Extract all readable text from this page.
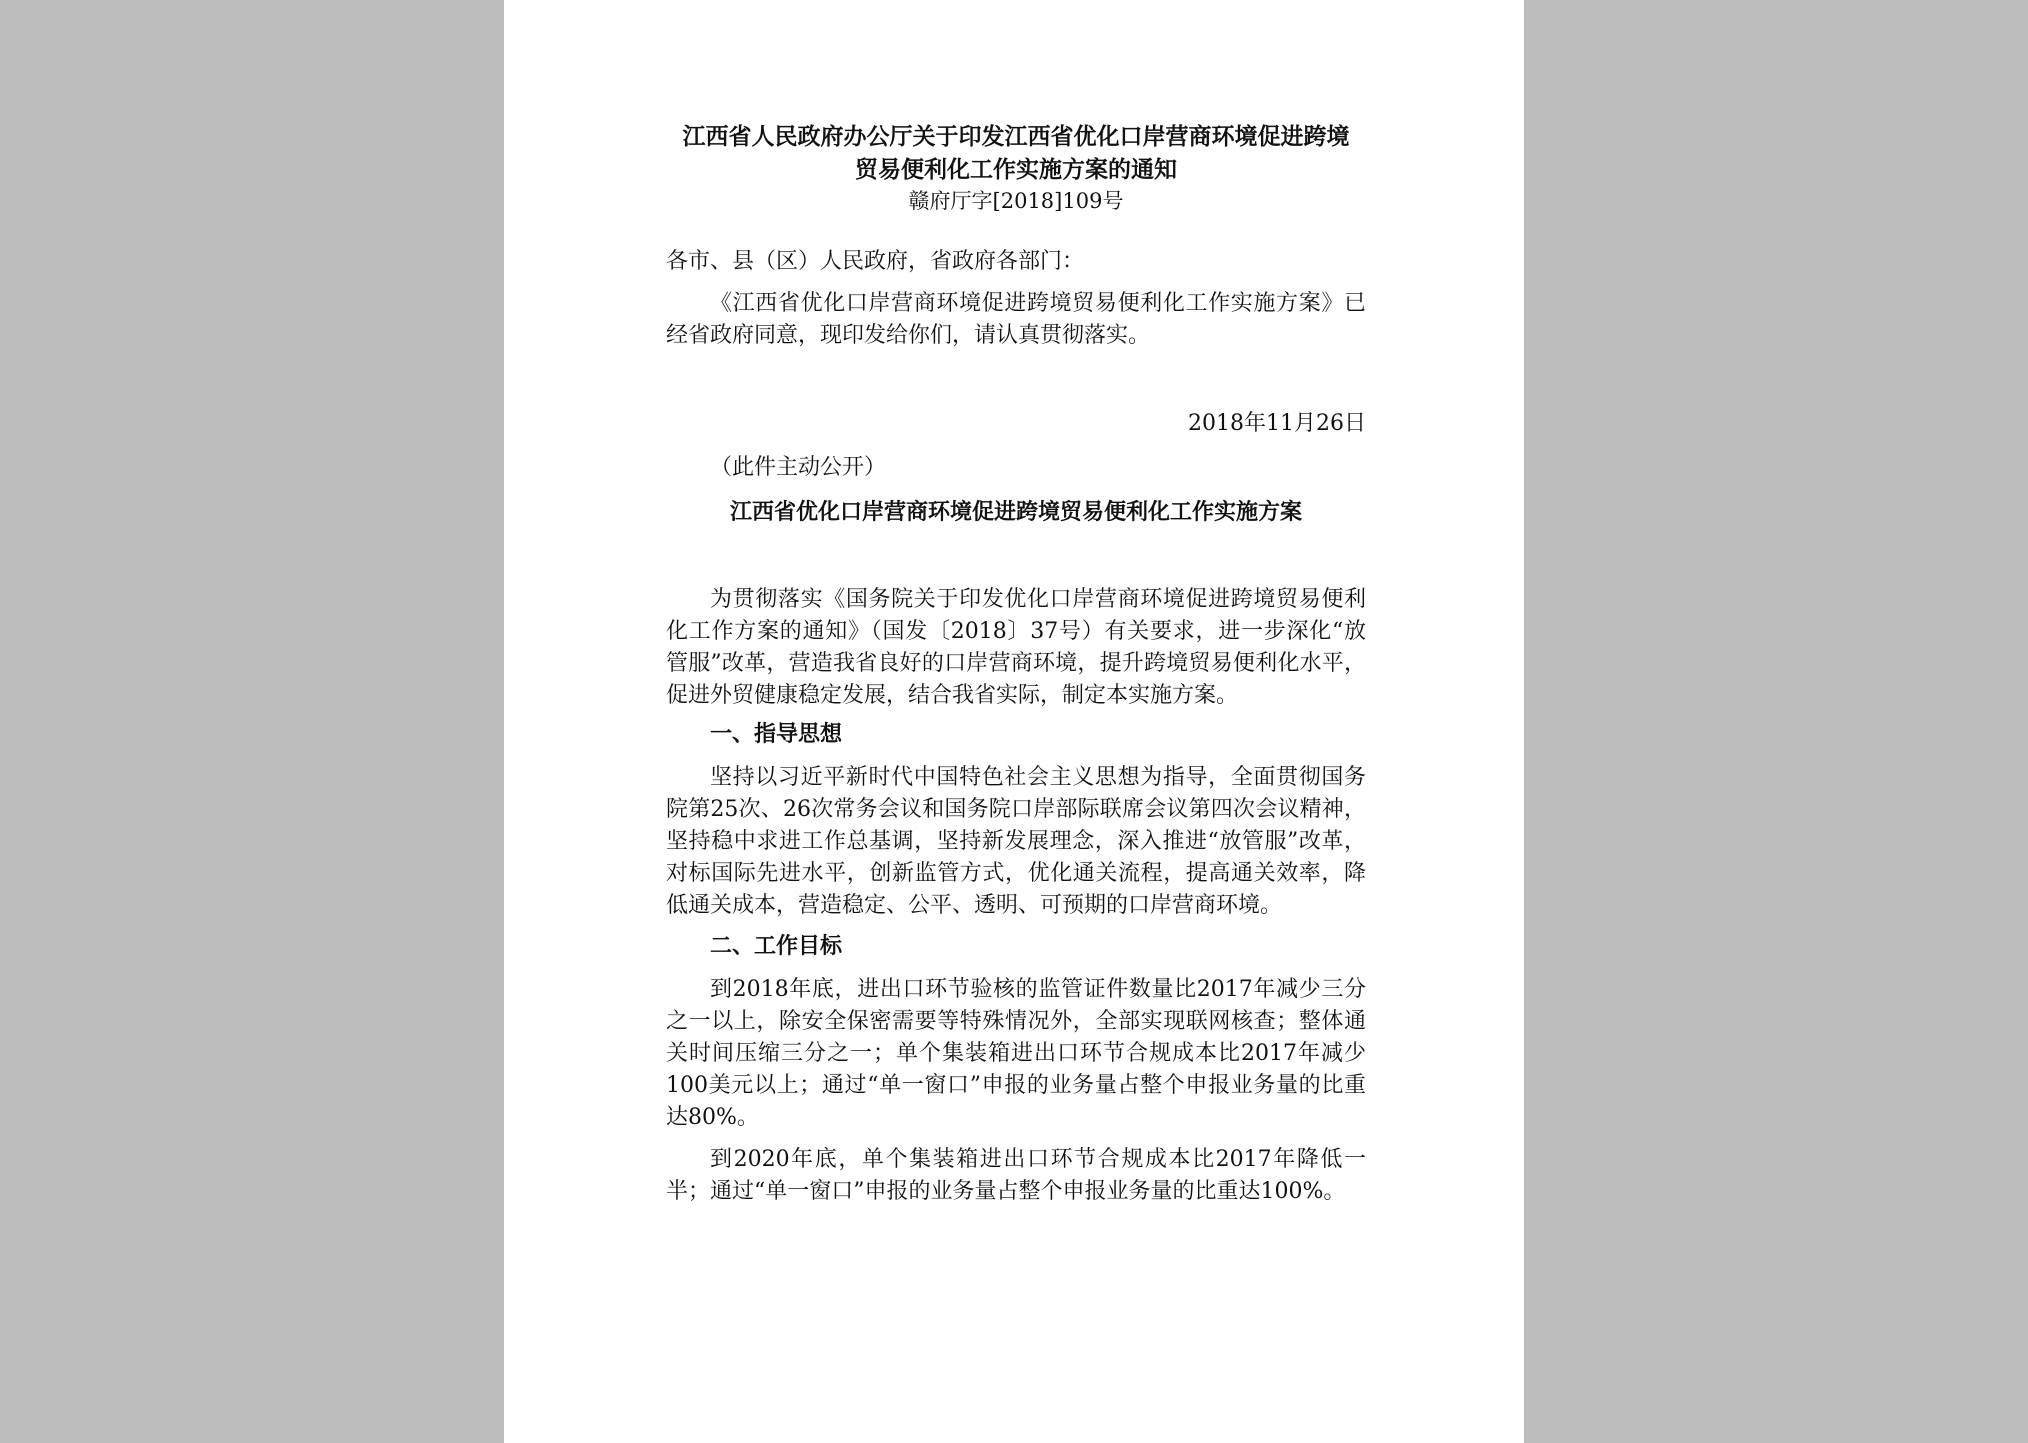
江西省人民政府办公厅关于印发江西省优化口岸营商环境促进跨境
贸易便利化工作实施方案的通知
赣府厅字[2018]109号

各市、县（区）人民政府，省政府各部门：

《江西省优化口岸营商环境促进跨境贸易便利化工作实施方案》已经省政府同意，现印发给你们，请认真贯彻落实。

2018年11月26日

（此件主动公开）

江西省优化口岸营商环境促进跨境贸易便利化工作实施方案

为贯彻落实《国务院关于印发优化口岸营商环境促进跨境贸易便利化工作方案的通知》（国发〔2018〕37号）有关要求，进一步深化“放管服”改革，营造我省良好的口岸营商环境，提升跨境贸易便利化水平，促进外贸健康稳定发展，结合我省实际，制定本实施方案。

一、指导思想

坚持以习近平新时代中国特色社会主义思想为指导，全面贯彻国务院第25次、26次常务会议和国务院口岸部际联席会议第四次会议精神，坚持稳中求进工作总基调，坚持新发展理念，深入推进“放管服”改革，对标国际先进水平，创新监管方式，优化通关流程，提高通关效率，降低通关成本，营造稳定、公平、透明、可预期的口岸营商环境。

二、工作目标

到2018年底，进出口环节验核的监管证件数量比2017年减少三分之一以上，除安全保密需要等特殊情况外，全部实现联网核查；整体通关时间压缩三分之一；单个集装箱进出口环节合规成本比2017年减少100美元以上；通过“单一窗口”申报的业务量占整个申报业务量的比重达80%。

到2020年底，单个集装箱进出口环节合规成本比2017年降低一半；通过“单一窗口”申报的业务量占整个申报业务量的比重达100%。
